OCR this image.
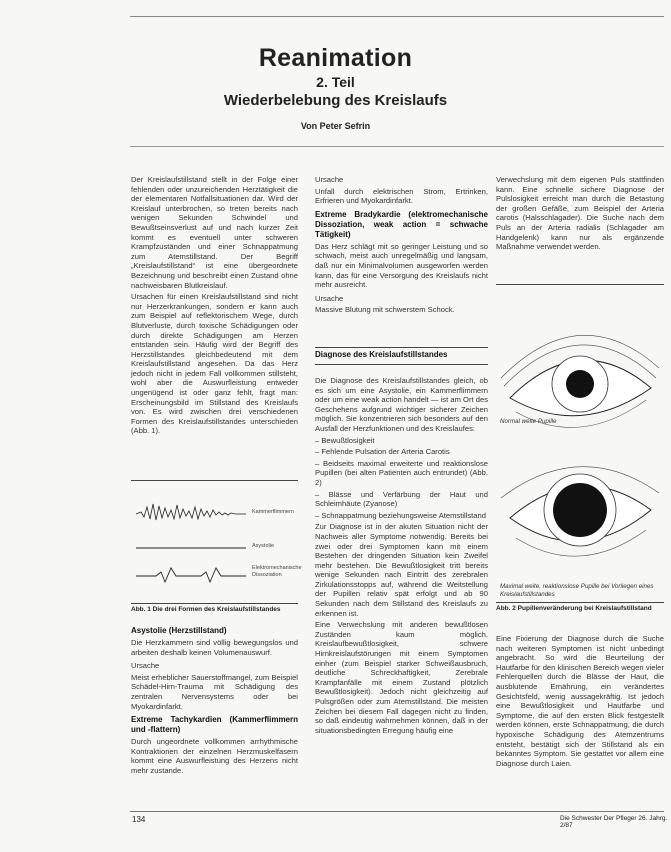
Reanimation
2. Teil
Wiederbelebung des Kreislaufs
Von Peter Sefrin

Der Kreislaufstillstand stellt in der Folge einer fehlenden oder unzureichenden Herztätigkeit die der elementaren Notfallsituationen dar. Wird der Kreislauf unterbrochen, so treten bereits nach wenigen Sekunden Schwindel und Bewußtseinsverlust auf und nach kurzer Zeit kommt es eventuell unter schweren Krampfzuständen und einer Schnappatmung zum Atemstillstand. Der Begriff „Kreislaufstillstand“ ist eine übergeordnete Bezeichnung und beschreibt einen Zustand ohne nachweisbaren Blutkreislauf.

Ursachen für einen Kreislaufstillstand sind nicht nur Herzerkrankungen, sondern er kann auch zum Beispiel auf reflektorischem Wege, durch Blutverluste, durch toxische Schädigungen oder durch direkte Schädigungen am Herzen entstanden sein. Häufig wird der Begriff des Herzstillstandes gleichbedeutend mit dem Kreislaufstillstand angesehen. Da das Herz jedoch nicht in jedem Fall vollkommen stillsteht, wohl aber die Auswurfleistung entweder ungenügend ist oder ganz fehlt, fragt man: Erscheinungsbild im Stillstand des Kreislaufs von. Es wird zwischen drei verschiedenen Formen des Kreislaufstillstandes unterschieden (Abb. 1).

Kammerflimmern
Asystolie
Elektromechanische Dissoziation
Abb. 1 Die drei Formen des Kreislaufstillstandes
Asystolie (Herzstillstand)

Die Herzkammern sind völlig bewegungslos und arbeiten deshalb keinen Volumenauswurf.

Ursache

Meist erheblicher Sauerstoffmangel, zum Beispiel Schädel-Hirn-Trauma mit Schädigung des zentralen Nervensystems oder bei Myokardinfarkt.

Extreme Tachykardien (Kammerflimmern und -flattern)

Durch ungeordnete vollkommen arrhythmische Kontraktionen der einzelnen Herzmuskelfasern kommt eine Auswurfleistung des Herzens nicht mehr zustande.

Ursache

Unfall durch elektrischen Strom, Ertrinken, Erfrieren und Myokardinfarkt.

Extreme Bradykardie (elektromechanische Dissoziation, weak action = schwache Tätigkeit)

Das Herz schlägt mit so geringer Leistung und so schwach, meist auch unregelmäßig und langsam, daß nur ein Minimalvolumen ausgeworfen werden kann, das für eine Versorgung des Kreislaufs nicht mehr ausreicht.

Ursache

Massive Blutung mit schwerstem Schock.

Diagnose des Kreislaufstillstandes

Die Diagnose des Kreislaufstillstandes gleich, ob es sich um eine Asystolie, ein Kammerflimmern oder um eine weak action handelt — ist am Ort des Geschehens aufgrund wichtiger sicherer Zeichen möglich. Sie konzentrieren sich besonders auf den Ausfall der Herzfunktionen und des Kreislaufes:

– Bewußtlosigkeit

– Fehlende Pulsation der Arteria Carotis

– Beidseits maximal erweiterte und reaktionslose Pupillen (bei alten Patienten auch entrundet) (Abb. 2)

– Blässe und Verfärbung der Haut und Schleimhäute (Zyanose)

– Schnappatmung beziehungsweise Atemstillstand

Zur Diagnose ist in der akuten Situation nicht der Nachweis aller Symptome notwendig. Bereits bei zwei oder drei Symptomen kann mit einem Bestehen der dringenden Situation kein Zweifel mehr bestehen. Die Bewußtlosigkeit tritt bereits wenige Sekunden nach Eintritt des zerebralen Zirkulationsstopps auf, während die Weitstellung der Pupillen relativ spät erfolgt und ab 90 Sekunden nach dem Stillstand des Kreislaufs zu erkennen ist.

Eine Verwechslung mit anderen bewußtlosen Zuständen kaum möglich. Kreislaufbewußtlosigkeit, schwere Hirnkreislaufstörungen mit einem Symptomen einher (zum Beispiel starker Schweißausbruch, deutliche Schreckhaftigkeit, Zerebrale Krampfanfälle mit einem Zustand plötzlich Bewußtlosigkeit). Jedoch nicht gleichzeitig auf Pulsgrößen oder zum Atemstillstand. Die meisten Zeichen bei diesem Fall dagegen nicht zu finden, so daß eindeutig wahrnehmen können, daß in der situationsbedingten Erregung häufig eine

Verwechslung mit dem eigenen Puls stattfinden kann. Eine schnelle sichere Diagnose der Pulslosigkeit erreicht man durch die Betastung der großen Gefäße, zum Beispiel der Arteria carotis (Halsschlagader). Die Suche nach dem Puls an der Arteria radialis (Schlagader am Handgelenk) kann nur als ergänzende Maßnahme verwendet werden.

Normal weite Pupille
Maximal weite, reaktionslose Pupille bei Vorliegen eines Kreislaufstillstandes
Abb. 2 Pupillenveränderung bei Kreislaufstillstand

Eine Fixierung der Diagnose durch die Suche nach weiteren Symptomen ist nicht unbedingt angebracht. So wird die Beurteilung der Hautfarbe für den klinischen Bereich wegen vieler Fehlerquellen durch die Blässe der Haut, die ausblutende Ernährung, ein verändertes Gesichtsfeld, wenig aussagekräftig. Ist jedoch eine Bewußtlosigkeit und Hautfarbe und Symptome, die auf den ersten Blick festgestellt werden können, erste Schnappatmung, die durch hypoxische Schädigung des Atemzentrums entsteht, bestätigt sich der Stillstand als ein bekanntes Symptom. Sie gestattet vor allem eine Diagnose durch Laien.

134	Die Schwester Der Pfleger 26. Jahrg. 2/87
